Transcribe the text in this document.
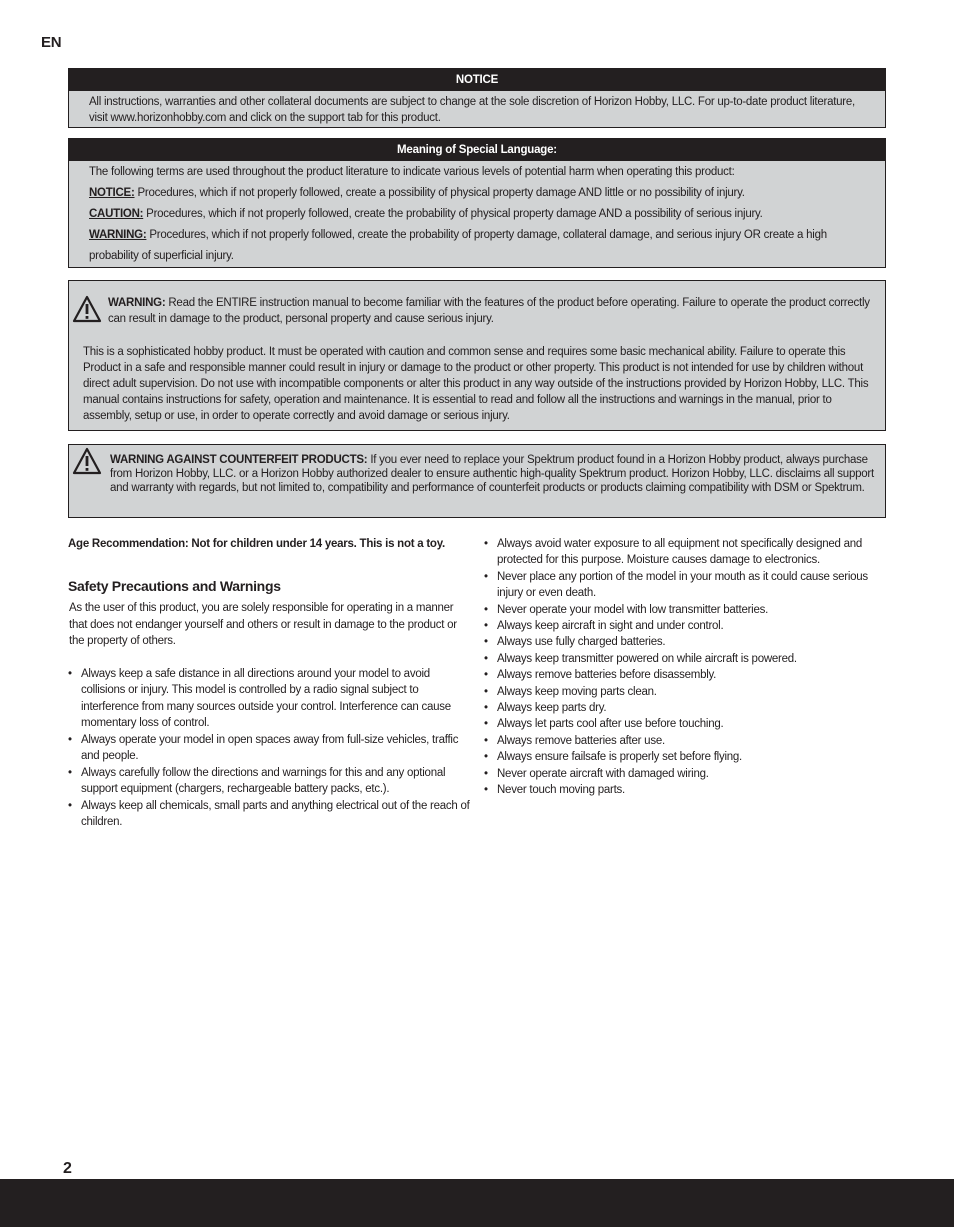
EN
NOTICE
All instructions, warranties and other collateral documents are subject to change at the sole discretion of Horizon Hobby, LLC. For up-to-date product literature, visit www.horizonhobby.com and click on the support tab for this product.
Meaning of Special Language:
The following terms are used throughout the product literature to indicate various levels of potential harm when operating this product:
NOTICE: Procedures, which if not properly followed, create a possibility of physical property damage AND little or no possibility of injury.
CAUTION: Procedures, which if not properly followed, create the probability of physical property damage AND a possibility of serious injury.
WARNING: Procedures, which if not properly followed, create the probability of property damage, collateral damage, and serious injury OR create a high probability of superficial injury.
WARNING: Read the ENTIRE instruction manual to become familiar with the features of the product before operating. Failure to operate the product correctly can result in damage to the product, personal property and cause serious injury.
This is a sophisticated hobby product. It must be operated with caution and common sense and requires some basic mechanical ability. Failure to operate this Product in a safe and responsible manner could result in injury or damage to the product or other property. This product is not intended for use by children without direct adult supervision. Do not use with incompatible components or alter this product in any way outside of the instructions provided by Horizon Hobby, LLC. This manual contains instructions for safety, operation and maintenance. It is essential to read and follow all the instructions and warnings in the manual, prior to assembly, setup or use, in order to operate correctly and avoid damage or serious injury.
WARNING AGAINST COUNTERFEIT PRODUCTS: If you ever need to replace your Spektrum product found in a Horizon Hobby product, always purchase from Horizon Hobby, LLC. or a Horizon Hobby authorized dealer to ensure authentic high-quality Spektrum product. Horizon Hobby, LLC. disclaims all support and warranty with regards, but not limited to, compatibility and performance of counterfeit products or products claiming compatibility with DSM or Spektrum.
Age Recommendation: Not for children under 14 years. This is not a toy.
Safety Precautions and Warnings
As the user of this product, you are solely responsible for operating in a manner that does not endanger yourself and others or result in damage to the product or the property of others.
• Always keep a safe distance in all directions around your model to avoid collisions or injury. This model is controlled by a radio signal subject to interference from many sources outside your control. Interference can cause momentary loss of control.
• Always operate your model in open spaces away from full-size vehicles, traffic and people.
• Always carefully follow the directions and warnings for this and any optional support equipment (chargers, rechargeable battery packs, etc.).
• Always keep all chemicals, small parts and anything electrical out of the reach of children.
• Always avoid water exposure to all equipment not specifically designed and protected for this purpose. Moisture causes damage to electronics.
• Never place any portion of the model in your mouth as it could cause serious injury or even death.
• Never operate your model with low transmitter batteries.
• Always keep aircraft in sight and under control.
• Always use fully charged batteries.
• Always keep transmitter powered on while aircraft is powered.
• Always remove batteries before disassembly.
• Always keep moving parts clean.
• Always keep parts dry.
• Always let parts cool after use before touching.
• Always remove batteries after use.
• Always ensure failsafe is properly set before flying.
• Never operate aircraft with damaged wiring.
• Never touch moving parts.
2
